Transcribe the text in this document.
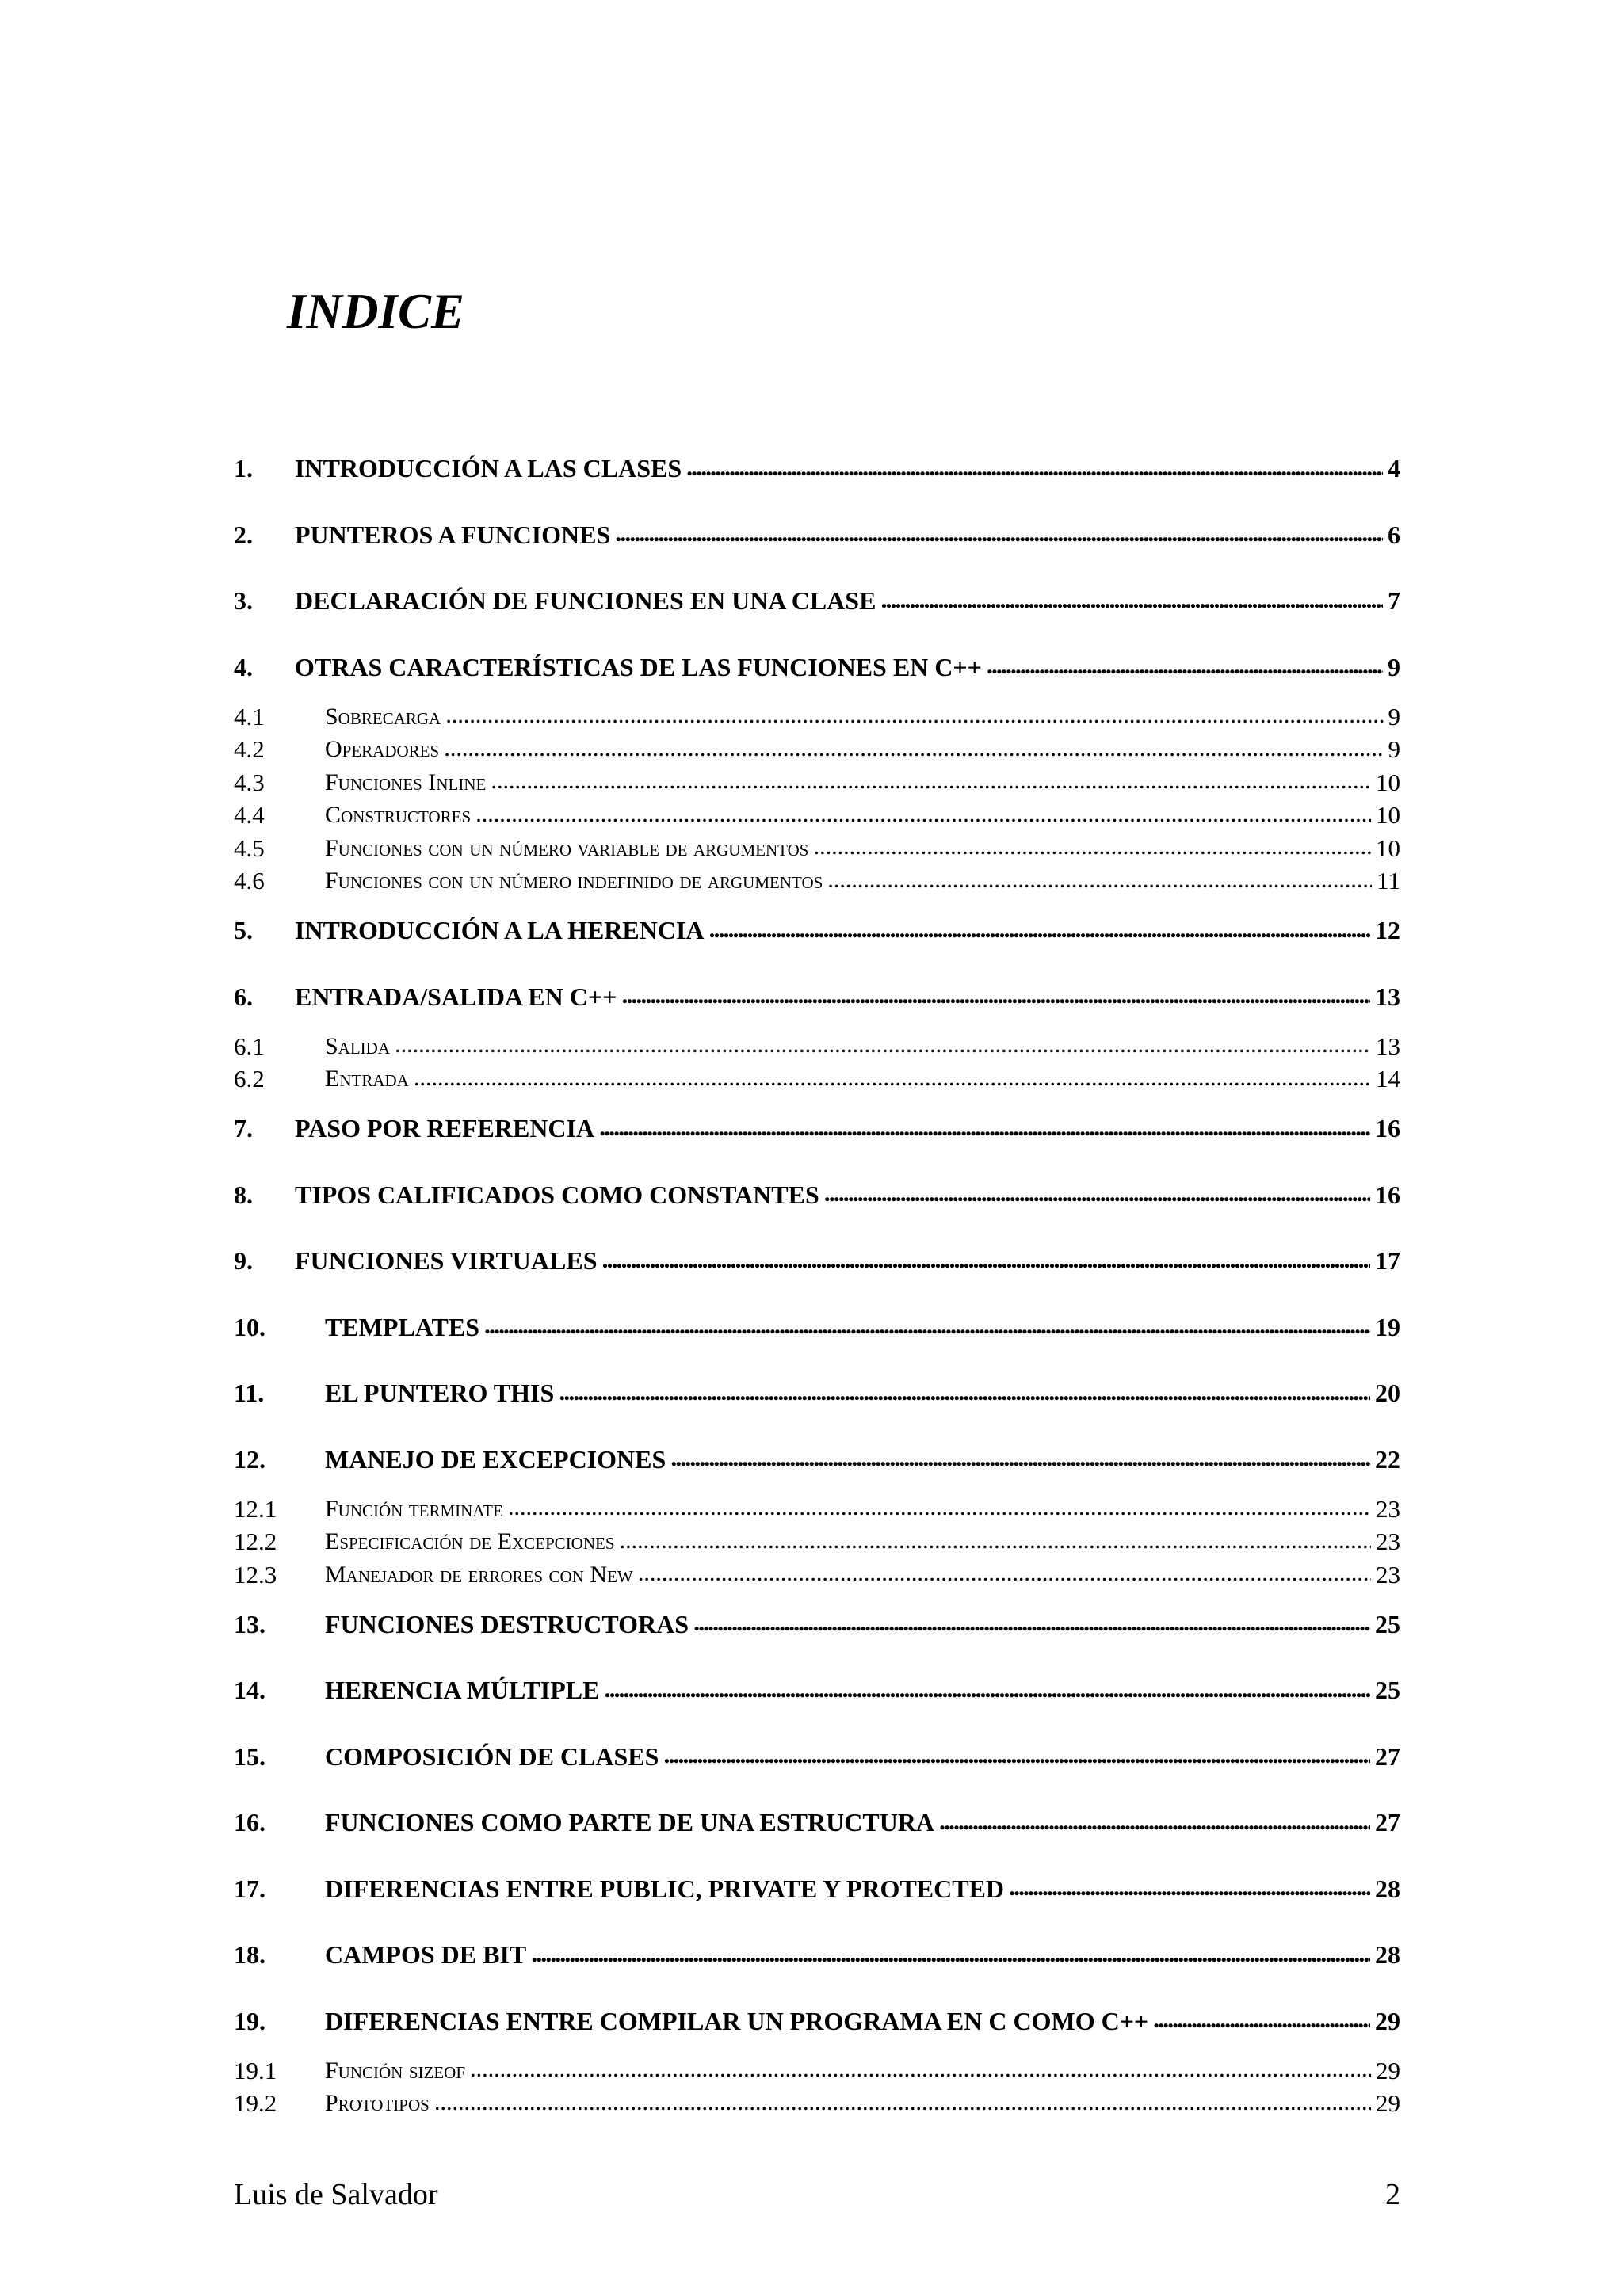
INDICE
1.	INTRODUCCIÓN A LAS CLASES . . .	4
2.	PUNTEROS A FUNCIONES . . .	6
3.	DECLARACIÓN DE FUNCIONES EN UNA CLASE . . .	7
4.	OTRAS CARACTERÍSTICAS DE LAS FUNCIONES EN C++ . . .	9
4.1	Sobrecarga . . .	9
4.2	Operadores . . .	9
4.3	Funciones Inline . . .	10
4.4	Constructores . . .	10
4.5	Funciones con un número variable de argumentos . . .	10
4.6	Funciones con un número indefinido de argumentos . . .	11
5.	INTRODUCCIÓN A LA HERENCIA . . .	12
6.	ENTRADA/SALIDA EN C++ . . .	13
6.1	Salida . . .	13
6.2	Entrada . . .	14
7.	PASO POR REFERENCIA . . .	16
8.	TIPOS CALIFICADOS COMO CONSTANTES . . .	16
9.	FUNCIONES VIRTUALES . . .	17
10.	TEMPLATES . . .	19
11.	EL PUNTERO THIS . . .	20
12.	MANEJO DE EXCEPCIONES . . .	22
12.1	Función terminate . . .	23
12.2	Especificación de Excepciones . . .	23
12.3	Manejador de errores con New . . .	23
13.	FUNCIONES DESTRUCTORAS . . .	25
14.	HERENCIA MÚLTIPLE . . .	25
15.	COMPOSICIÓN DE CLASES . . .	27
16.	FUNCIONES COMO PARTE DE UNA ESTRUCTURA . . .	27
17.	DIFERENCIAS ENTRE PUBLIC, PRIVATE Y PROTECTED . . .	28
18.	CAMPOS DE BIT . . .	28
19.	DIFERENCIAS ENTRE COMPILAR UN PROGRAMA EN C COMO C++ . . .	29
19.1	Función sizeof . . .	29
19.2	Prototipos . . .	29
Luis de Salvador	2
